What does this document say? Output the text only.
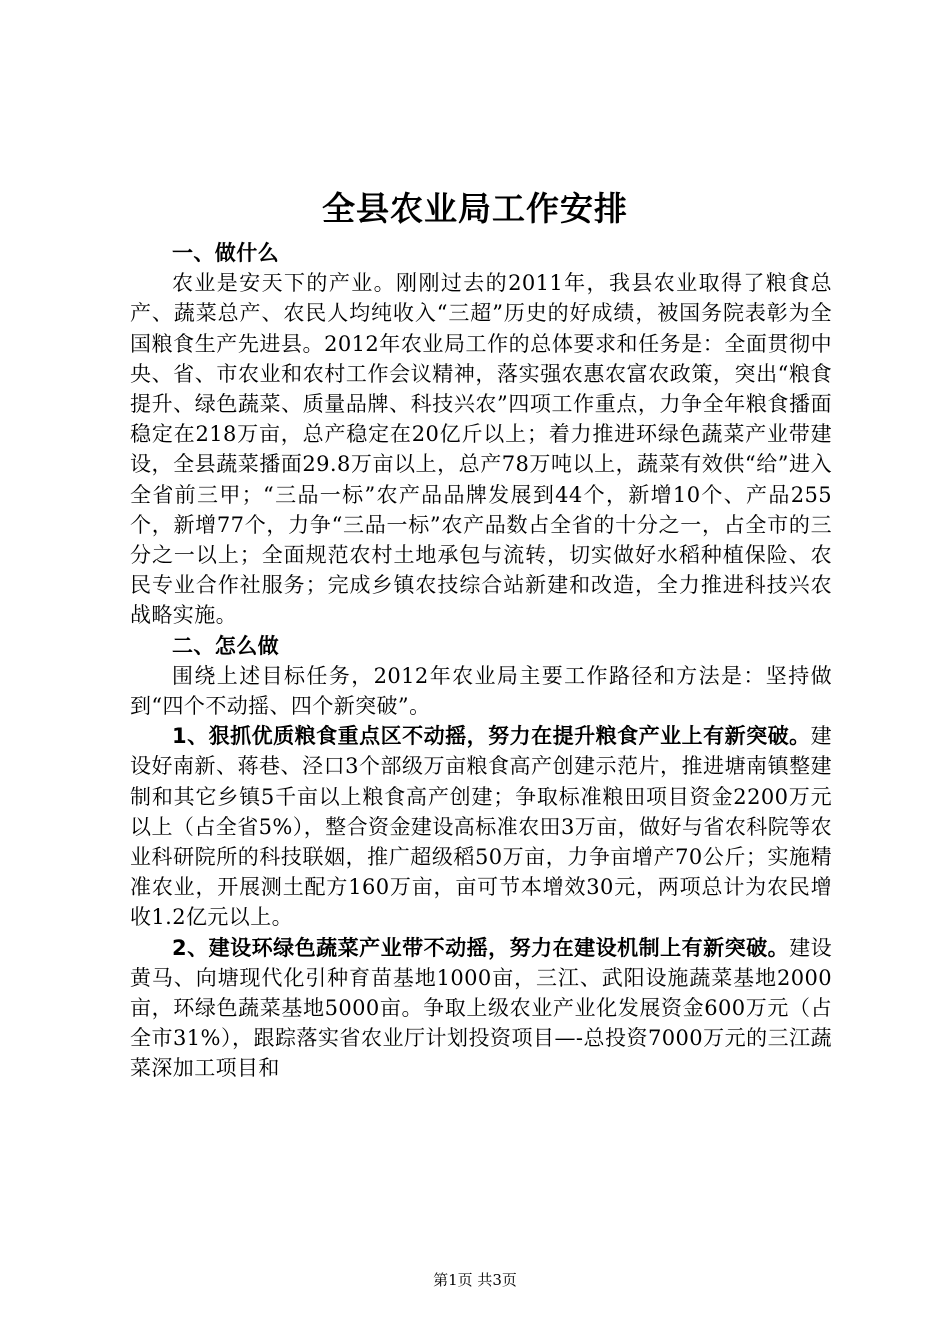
全县农业局工作安排

一、做什么

农业是安天下的产业。刚刚过去的2011年，我县农业取得了粮食总产、蔬菜总产、农民人均纯收入“三超”历史的好成绩，被国务院表彰为全国粮食生产先进县。2012年农业局工作的总体要求和任务是：全面贯彻中央、省、市农业和农村工作会议精神，落实强农惠农富农政策，突出“粮食提升、绿色蔬菜、质量品牌、科技兴农”四项工作重点，力争全年粮食播面稳定在218万亩，总产稳定在20亿斤以上；着力推进环绿色蔬菜产业带建设，全县蔬菜播面29.8万亩以上，总产78万吨以上，蔬菜有效供“给”进入全省前三甲；“三品一标”农产品品牌发展到44个，新增10个、产品255个，新增77个，力争“三品一标”农产品数占全省的十分之一，占全市的三分之一以上；全面规范农村土地承包与流转，切实做好水稻种植保险、农民专业合作社服务；完成乡镇农技综合站新建和改造，全力推进科技兴农战略实施。

二、怎么做

围绕上述目标任务，2012年农业局主要工作路径和方法是：坚持做到“四个不动摇、四个新突破”。

1、狠抓优质粮食重点区不动摇，努力在提升粮食产业上有新突破。建设好南新、蒋巷、泾口3个部级万亩粮食高产创建示范片，推进塘南镇整建制和其它乡镇5千亩以上粮食高产创建；争取标准粮田项目资金2200万元以上（占全省5%），整合资金建设高标准农田3万亩，做好与省农科院等农业科研院所的科技联姻，推广超级稻50万亩，力争亩增产70公斤；实施精准农业，开展测土配方160万亩，亩可节本增效30元，两项总计为农民增收1.2亿元以上。

2、建设环绿色蔬菜产业带不动摇，努力在建设机制上有新突破。建设黄马、向塘现代化引种育苗基地1000亩，三江、武阳设施蔬菜基地2000亩，环绿色蔬菜基地5000亩。争取上级农业产业化发展资金600万元（占全市31%），跟踪落实省农业厅计划投资项目—-总投资7000万元的三江蔬菜深加工项目和

第1页 共3页
